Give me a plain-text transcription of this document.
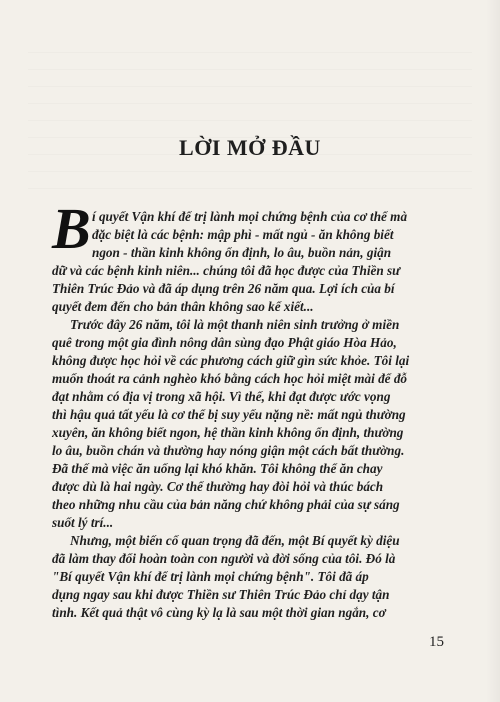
LỜI MỞ ĐẦU
B í quyết Vận khí để trị lành mọi chứng bệnh của cơ thể mà
đặc biệt là các bệnh: mập phì - mất ngủ - ăn không biết
ngon - thần kinh không ổn định, lo âu, buồn nản, giận
dữ và các bệnh kinh niên... chúng tôi đã học được của Thiền sư
Thiên Trúc Đảo và đã áp dụng trên 26 năm qua. Lợi ích của bí
quyết đem đến cho bản thân không sao kể xiết...
Trước đây 26 năm, tôi là một thanh niên sinh trưởng ở miền
quê trong một gia đình nông dân sùng đạo Phật giáo Hòa Hảo,
không được học hỏi về các phương cách giữ gìn sức khỏe. Tôi lại
muốn thoát ra cảnh nghèo khó bằng cách học hỏi miệt mài để đỗ
đạt nhằm có địa vị trong xã hội. Vì thế, khi đạt được ước vọng
thì hậu quả tất yếu là cơ thể bị suy yếu nặng nề: mất ngủ thường
xuyên, ăn không biết ngon, hệ thần kinh không ổn định, thường
lo âu, buồn chán và thường hay nóng giận một cách bất thường.
Đã thế mà việc ăn uống lại khó khăn. Tôi không thể ăn chay
được dù là hai ngày. Cơ thể thường hay đòi hỏi và thúc bách
theo những nhu cầu của bản năng chứ không phải của sự sáng
suốt lý trí...
Nhưng, một biến cố quan trọng đã đến, một Bí quyết kỳ diệu
đã làm thay đổi hoàn toàn con người và đời sống của tôi. Đó là
"Bí quyết Vận khí để trị lành mọi chứng bệnh". Tôi đã áp
dụng ngay sau khi được Thiền sư Thiên Trúc Đảo chỉ dạy tận
tình. Kết quả thật vô cùng kỳ lạ là sau một thời gian ngắn, cơ
15
